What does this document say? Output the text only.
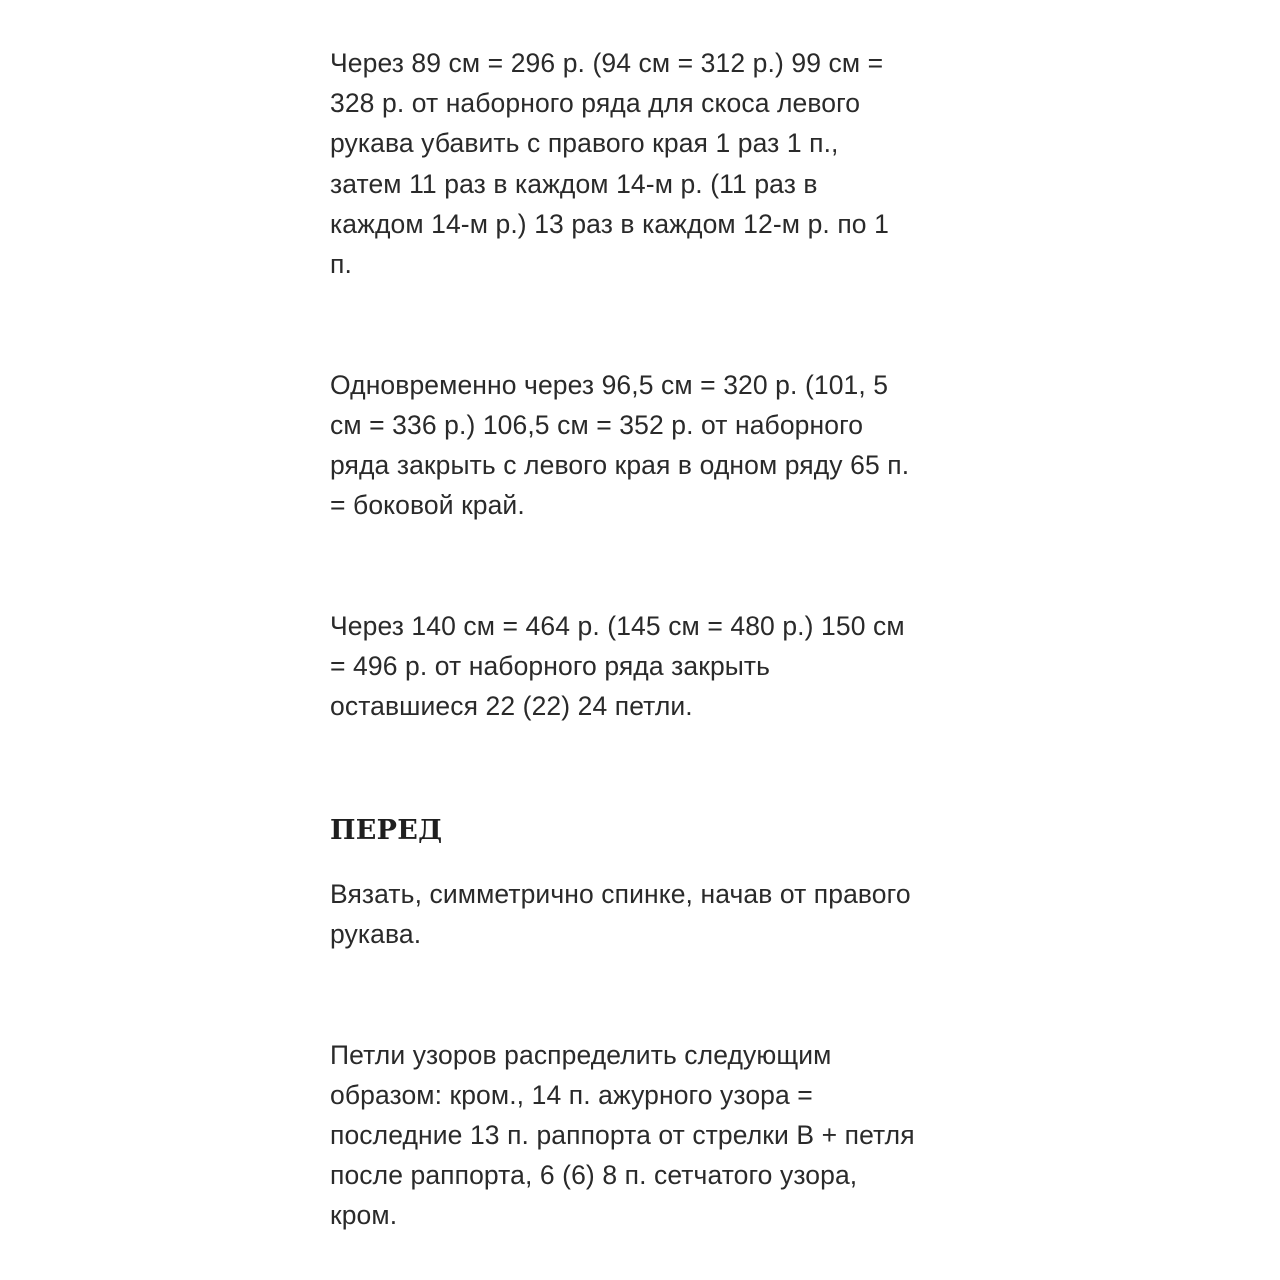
Через 89 см = 296 р. (94 см = 312 р.) 99 см =
328 р. от наборного ряда для скоса левого
рукава убавить с правого края 1 раз 1 п.,
затем 11 раз в каждом 14-м р. (11 раз в
каждом 14-м р.) 13 раз в каждом 12-м р. по 1
п.

Одновременно через 96,5 см = 320 р. (101, 5
см = 336 р.) 106,5 см = 352 р. от наборного
ряда закрыть с левого края в одном ряду 65 п.
= боковой край.

Через 140 см = 464 р. (145 см = 480 р.) 150 см
= 496 р. от наборного ряда закрыть
оставшиеся 22 (22) 24 петли.

ПЕРЕД

Вязать, симметрично спинке, начав от правого
рукава.

Петли узоров распределить следующим
образом: кром., 14 п. ажурного узора =
последние 13 п. раппорта от стрелки В + петля
после раппорта, 6 (6) 8 п. сетчатого узора,
кром.
